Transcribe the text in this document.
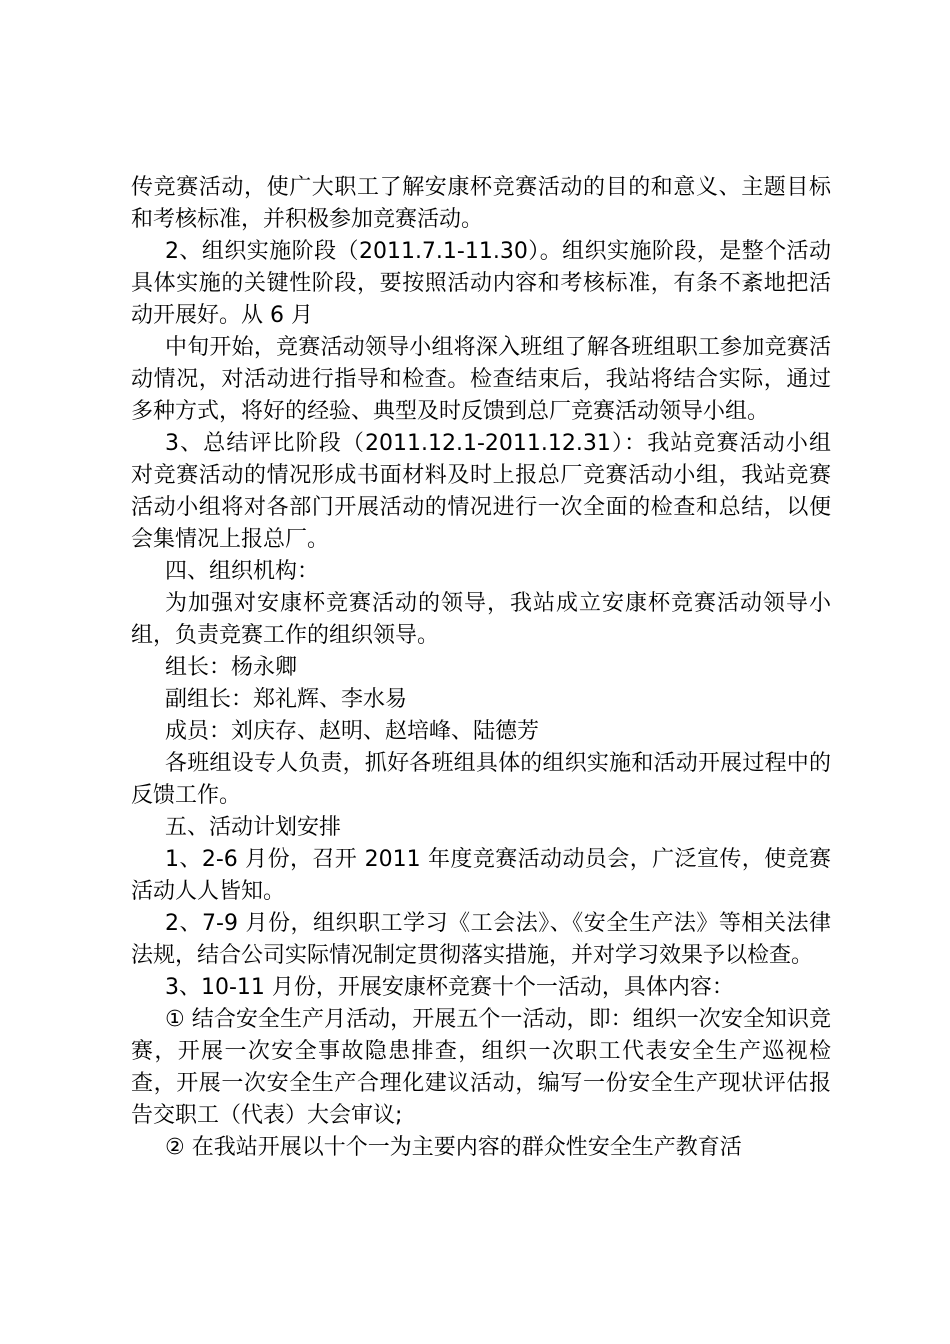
传竞赛活动，使广大职工了解安康杯竞赛活动的目的和意义、主题目标和考核标准，并积极参加竞赛活动。

2、组织实施阶段（2011.7.1-11.30）。组织实施阶段，是整个活动具体实施的关键性阶段，要按照活动内容和考核标准，有条不紊地把活动开展好。从 6 月

中旬开始，竞赛活动领导小组将深入班组了解各班组职工参加竞赛活动情况，对活动进行指导和检查。检查结束后，我站将结合实际，通过多种方式，将好的经验、典型及时反馈到总厂竞赛活动领导小组。

3、总结评比阶段（2011.12.1-2011.12.31）：我站竞赛活动小组对竞赛活动的情况形成书面材料及时上报总厂竞赛活动小组，我站竞赛活动小组将对各部门开展活动的情况进行一次全面的检查和总结，以便会集情况上报总厂。

四、组织机构：

为加强对安康杯竞赛活动的领导，我站成立安康杯竞赛活动领导小组，负责竞赛工作的组织领导。

组长：杨永卿

副组长：郑礼辉、李水易

成员：刘庆存、赵明、赵培峰、陆德芳

各班组设专人负责，抓好各班组具体的组织实施和活动开展过程中的反馈工作。

五、活动计划安排

1、2-6 月份，召开 2011 年度竞赛活动动员会，广泛宣传，使竞赛活动人人皆知。

2、7-9 月份，组织职工学习《工会法》、《安全生产法》等相关法律法规，结合公司实际情况制定贯彻落实措施，并对学习效果予以检查。

3、10-11 月份，开展安康杯竞赛十个一活动，具体内容：

① 结合安全生产月活动，开展五个一活动，即：组织一次安全知识竞赛，开展一次安全事故隐患排查，组织一次职工代表安全生产巡视检查，开展一次安全生产合理化建议活动，编写一份安全生产现状评估报告交职工（代表）大会审议;

② 在我站开展以十个一为主要内容的群众性安全生产教育活
